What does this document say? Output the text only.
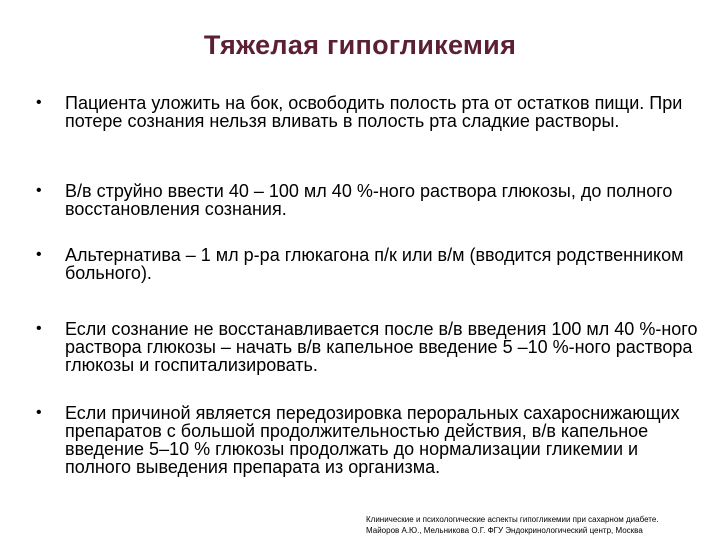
Тяжелая гипогликемия
• Пациента уложить на бок, освободить полость рта от остатков пищи. При потере сознания нельзя вливать в полость рта сладкие растворы.
• В/в струйно ввести 40 – 100 мл 40 %-ного раствора глюкозы, до полного восстановления сознания.
• Альтернатива – 1 мл р-ра глюкагона п/к или в/м (вводится родственником больного).
• Если сознание не восстанавливается после в/в введения 100 мл 40 %-ного раствора глюкозы – начать в/в капельное введение 5 –10 %-ного раствора глюкозы и госпитализировать.
• Если причиной является передозировка пероральных сахароснижающих препаратов с большой продолжительностью действия, в/в капельное введение 5–10 % глюкозы продолжать до нормализации гликемии и полного выведения препарата из организма.
Клинические и психологические аспекты гипогликемии при сахарном диабете.
Майоров А.Ю., Мельникова О.Г. ФГУ Эндокринологический центр, Москва
